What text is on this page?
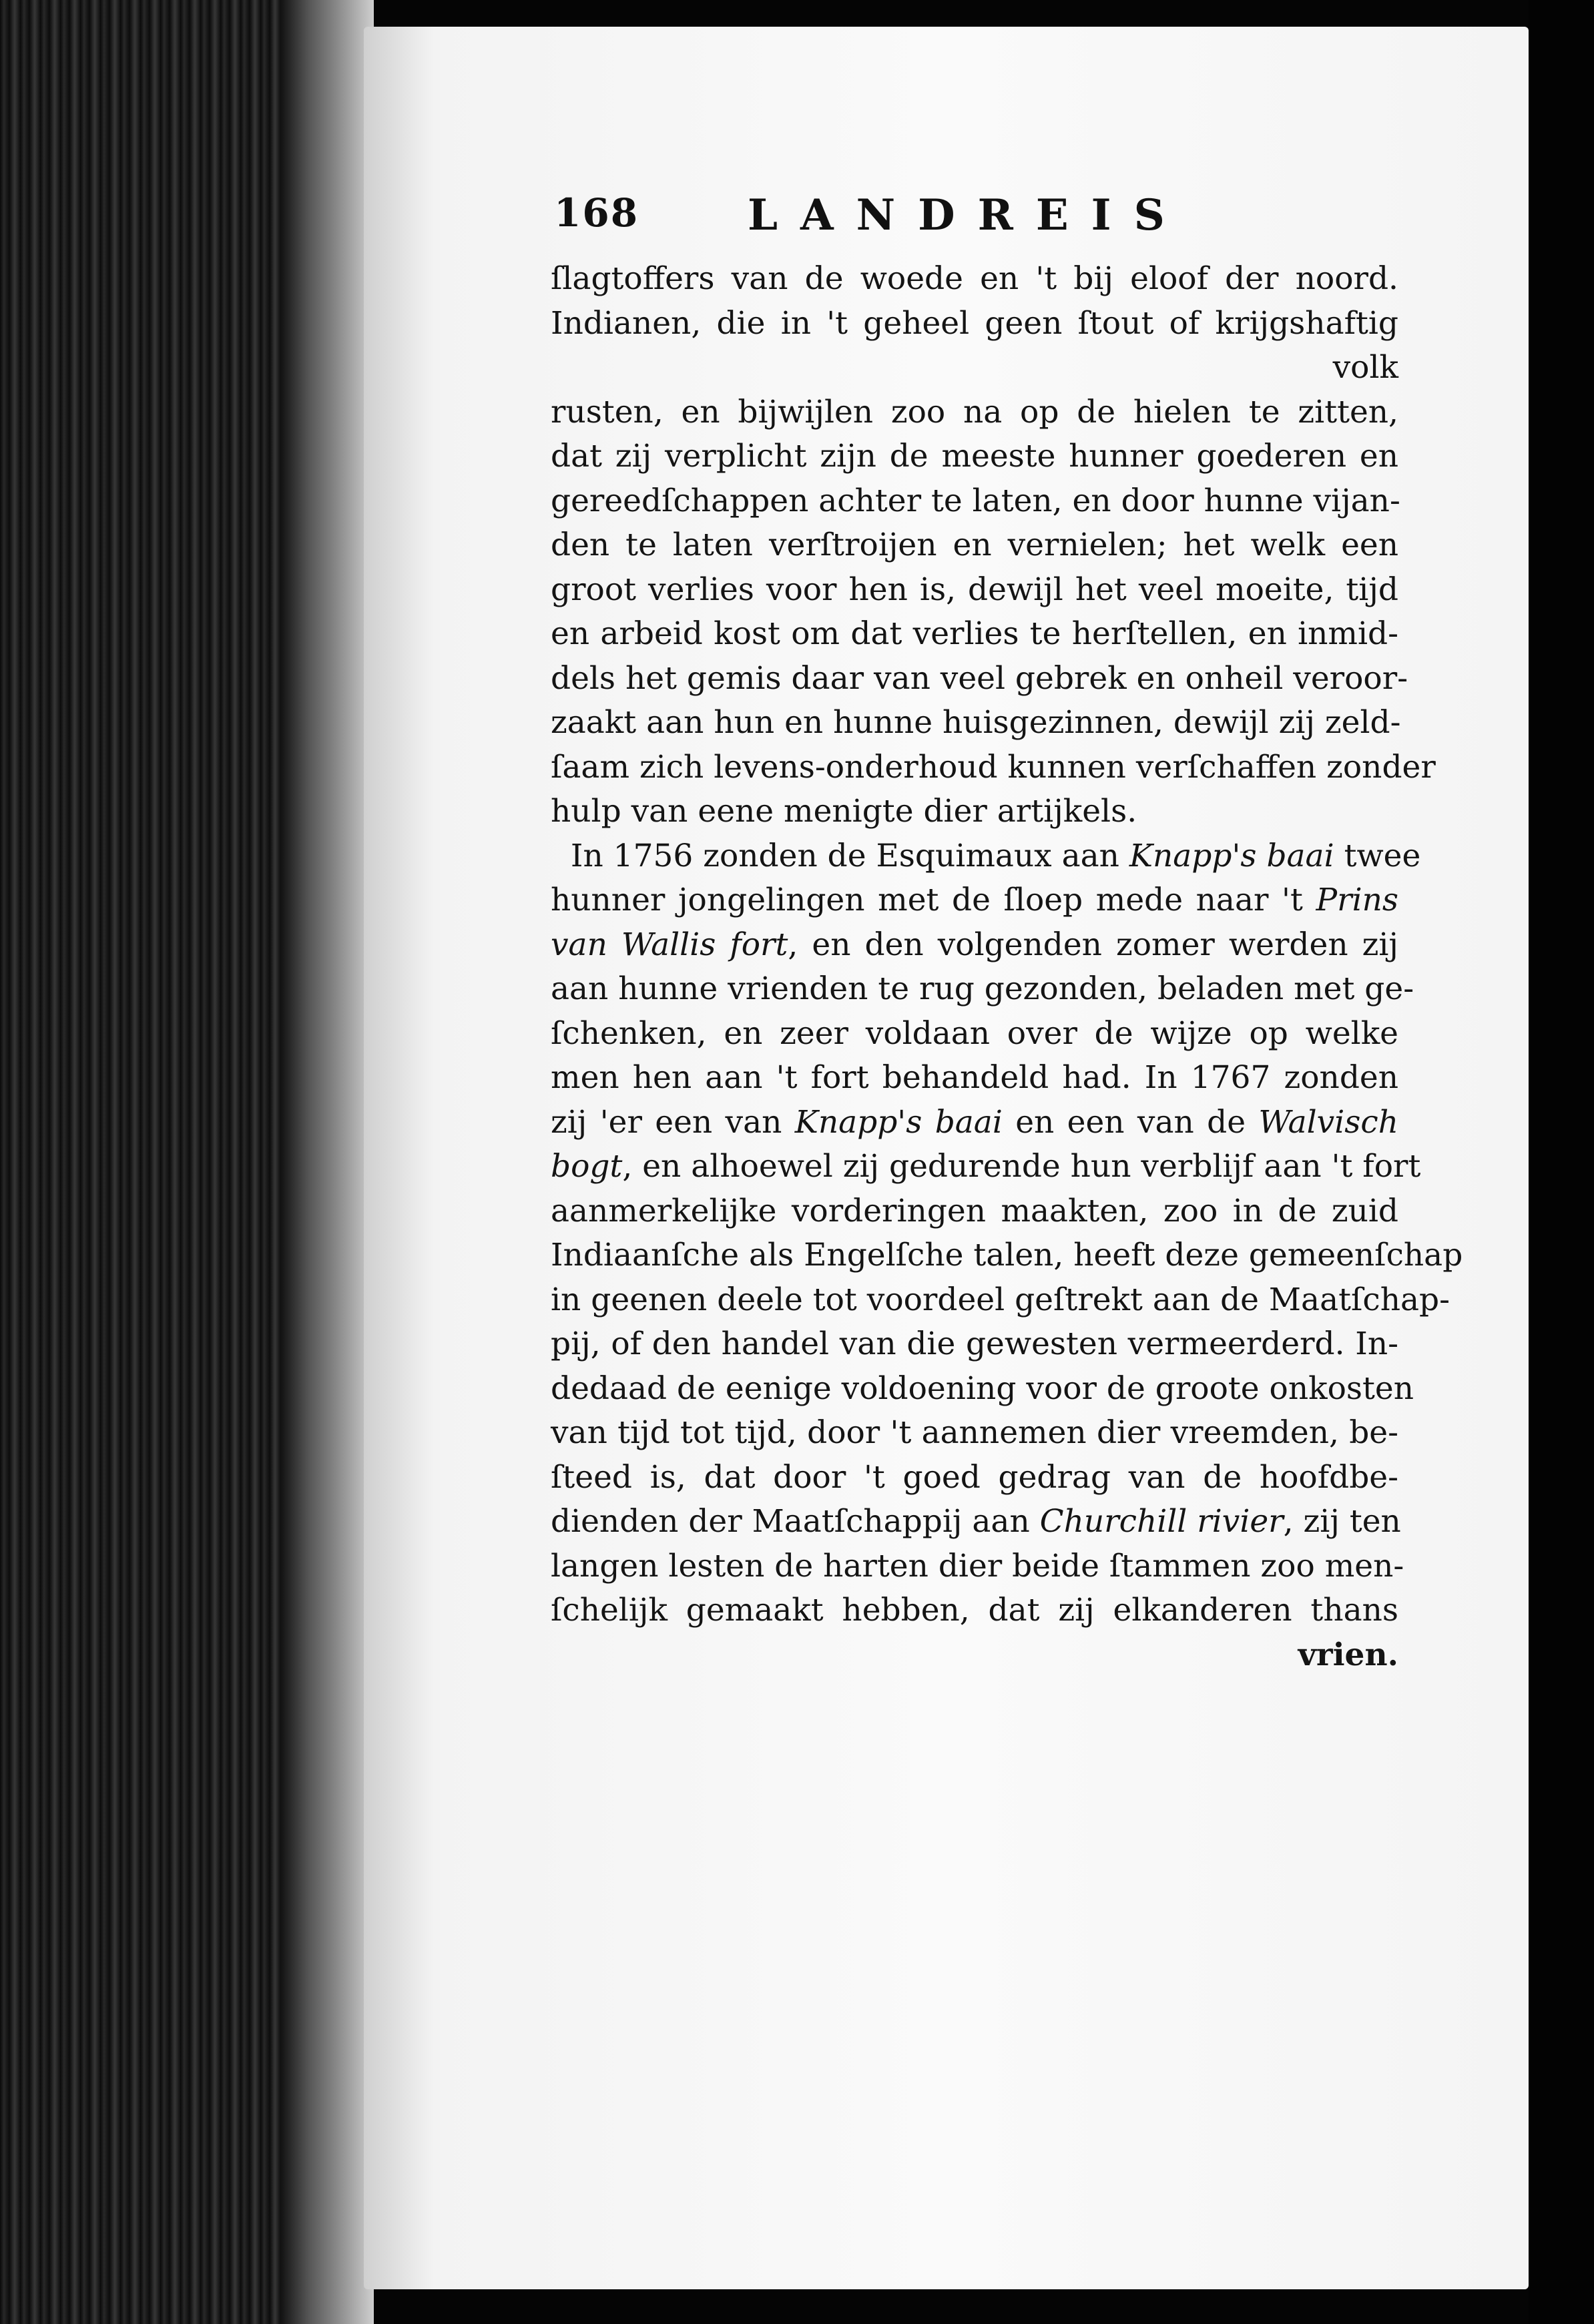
168	LANDREIS
ſlagtoffers van de woede en 't bij eloof der noord.
Indianen, die in 't geheel geen ſtout of krijgshaftig
volk
rusten, en bijwijlen zoo na op de hielen te zitten,
dat zij verplicht zijn de meeste hunner goederen en
gereedſchappen achter te laten, en door hunne vijan-
den te laten verſtroijen en vernielen; het welk een
groot verlies voor hen is, dewijl het veel moeite, tijd
en arbeid kost om dat verlies te herſtellen, en inmid-
dels het gemis daar van veel gebrek en onheil veroor-
zaakt aan hun en hunne huisgezinnen, dewijl zij zeld-
ſaam zich levens-onderhoud kunnen verſchaffen zonder
hulp van eene menigte dier artijkels.
In 1756 zonden de Esquimaux aan Knapp's baai twee
hunner jongelingen met de ſloep mede naar 't Prins
van Wallis fort, en den volgenden zomer werden zij
aan hunne vrienden te rug gezonden, beladen met ge-
ſchenken, en zeer voldaan over de wijze op welke
men hen aan 't fort behandeld had. In 1767 zonden
zij 'er een van Knapp's baai en een van de Walvisch
bogt, en alhoewel zij gedurende hun verblijf aan 't fort
aanmerkelijke vorderingen maakten, zoo in de zuid
Indiaanſche als Engelſche talen, heeft deze gemeenſchap
in geenen deele tot voordeel geſtrekt aan de Maatſchap-
pij, of den handel van die gewesten vermeerderd. In-
dedaad de eenige voldoening voor de groote onkosten
van tijd tot tijd, door 't aannemen dier vreemden, be-
ſteed is, dat door 't goed gedrag van de hoofdbe-
dienden der Maatſchappij aan Churchill rivier, zij ten
langen lesten de harten dier beide ſtammen zoo men-
ſchelijk gemaakt hebben, dat zij elkanderen thans

vrien.
